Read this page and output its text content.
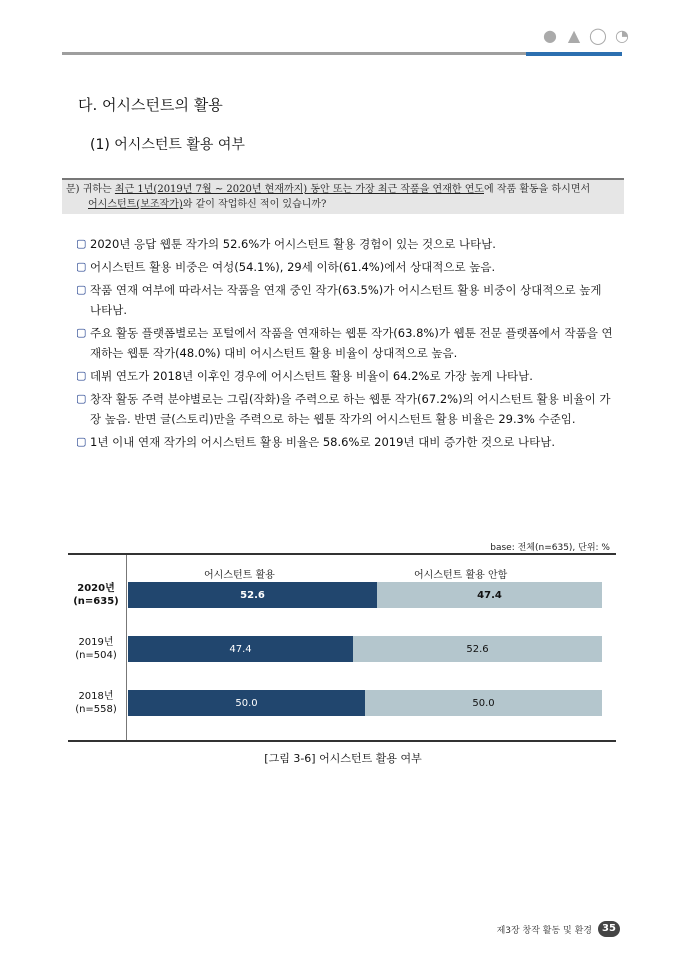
● ▲ ◯ ◔
다. 어시스턴트의 활용
(1) 어시스턴트 활용 여부
문) 귀하는 최근 1년(2019년 7월 ~ 2020년 현재까지) 동안 또는 가장 최근 작품을 연재한 연도에 작품 활동을 하시면서
어시스턴트(보조작가)와 같이 작업하신 적이 있습니까?
▢ 2020년 응답 웹툰 작가의 52.6%가 어시스턴트 활용 경험이 있는 것으로 나타남.
▢ 어시스턴트 활용 비중은 여성(54.1%), 29세 이하(61.4%)에서 상대적으로 높음.
▢ 작품 연재 여부에 따라서는 작품을 연재 중인 작가(63.5%)가 어시스턴트 활용 비중이 상대적으로 높게 나타남.
▢ 주요 활동 플랫폼별로는 포털에서 작품을 연재하는 웹툰 작가(63.8%)가 웹툰 전문 플랫폼에서 작품을 연재하는 웹툰 작가(48.0%) 대비 어시스턴트 활용 비율이 상대적으로 높음.
▢ 데뷔 연도가 2018년 이후인 경우에 어시스턴트 활용 비율이 64.2%로 가장 높게 나타남.
▢ 창작 활동 주력 분야별로는 그림(작화)을 주력으로 하는 웹툰 작가(67.2%)의 어시스턴트 활용 비율이 가장 높음. 반면 글(스토리)만을 주력으로 하는 웹툰 작가의 어시스턴트 활용 비율은 29.3% 수준임.
▢ 1년 이내 연재 작가의 어시스턴트 활용 비율은 58.6%로 2019년 대비 증가한 것으로 나타남.
base: 전체(n=635), 단위: %
어시스턴트 활용	어시스턴트 활용 안함
2020년
(n=635)
52.6	47.4
2019년
(n=504)
47.4	52.6
2018년
(n=558)
50.0	50.0
[그림 3-6] 어시스턴트 활용 여부
제3장 창작 활동 및 환경	35
